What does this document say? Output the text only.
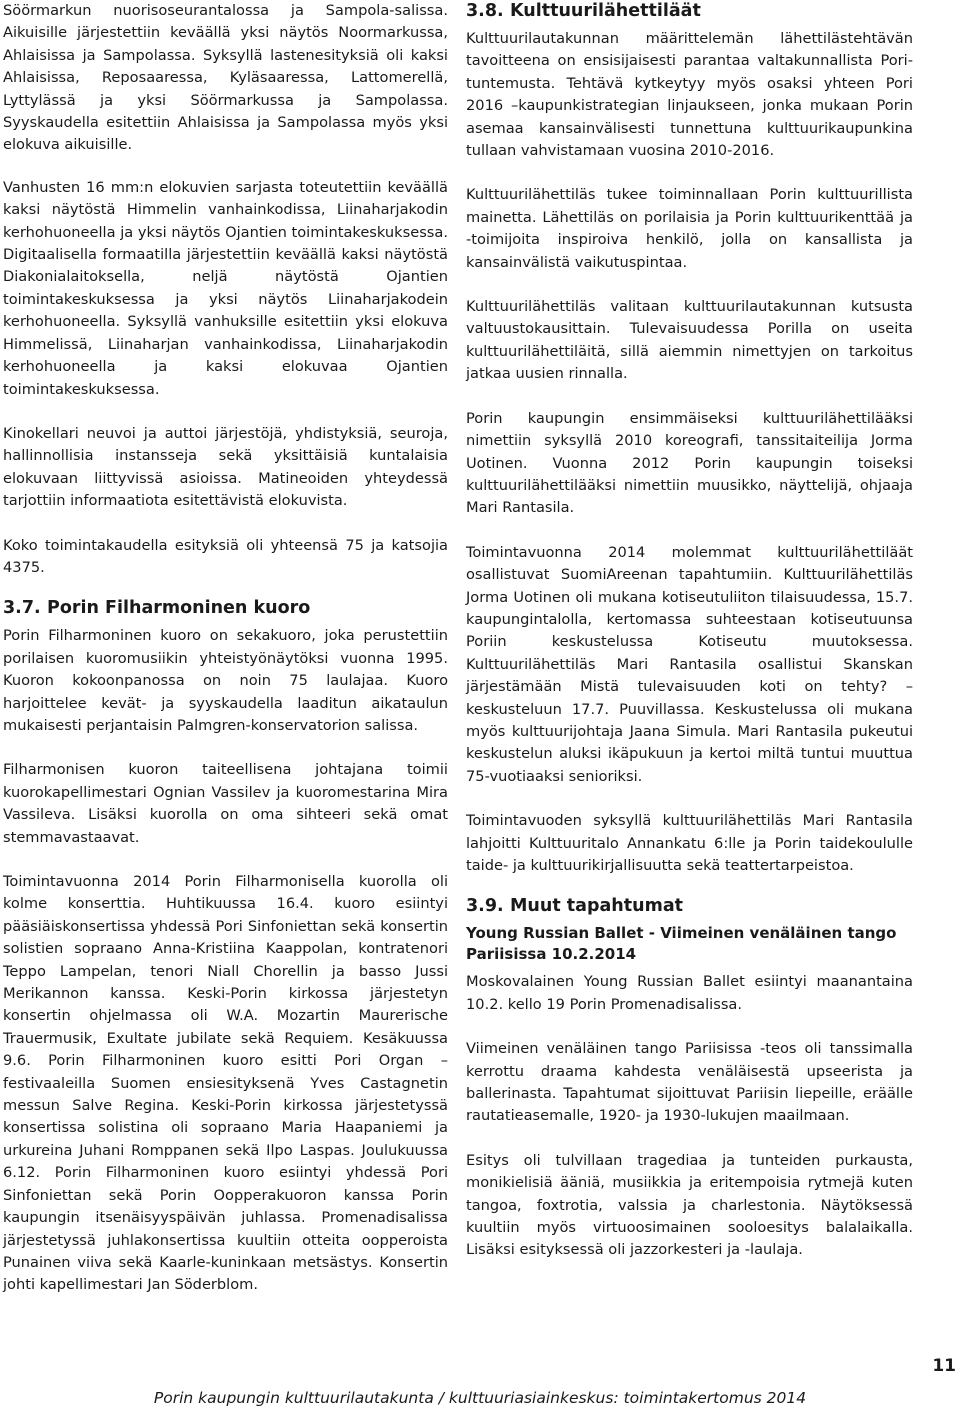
Söörmarkun nuorisoseurantalossa ja Sampola-salissa. Aikuisille järjestettiin keväällä yksi näytös Noormarkussa, Ahlaisissa ja Sampolassa. Syksyllä lastenesityksiä oli kaksi Ahlaisissa, Reposaaressa, Kyläsaaressa, Lattomerellä, Lyttylässä ja yksi Söörmarkussa ja Sampolassa. Syyskaudella esitettiin Ahlaisissa ja Sampolassa myös yksi elokuva aikuisille.

Vanhusten 16 mm:n elokuvien sarjasta toteutettiin keväällä kaksi näytöstä Himmelin vanhainkodissa, Liinaharjakodin kerhohuoneella ja yksi näytös Ojantien toimintakeskuksessa. Digitaalisella formaatilla järjestettiin keväällä kaksi näytöstä Diakonialaitoksella, neljä näytöstä Ojantien toimintakeskuksessa ja yksi näytös Liinaharjakodein kerhohuoneella. Syksyllä vanhuksille esitettiin yksi elokuva Himmelissä, Liinaharjan vanhainkodissa, Liinaharjakodin kerhohuoneella ja kaksi elokuvaa Ojantien toimintakeskuksessa.

Kinokellari neuvoi ja auttoi järjestöjä, yhdistyksiä, seuroja, hallinnollisia instansseja sekä yksittäisiä kuntalaisia elokuvaan liittyvissä asioissa. Matineoiden yhteydessä tarjottiin informaatiota esitettävistä elokuvista.

Koko toimintakaudella esityksiä oli yhteensä 75 ja katsojia 4375.

3.7. Porin Filharmoninen kuoro

Porin Filharmoninen kuoro on sekakuoro, joka perustettiin porilaisen kuoromusiikin yhteistyönäytöksi vuonna 1995. Kuoron kokoonpanossa on noin 75 laulajaa. Kuoro harjoittelee kevät- ja syyskaudella laaditun aikataulun mukaisesti perjantaisin Palmgren-konservatorion salissa.

Filharmonisen kuoron taiteellisena johtajana toimii kuorokapellimestari Ognian Vassilev ja kuoromestarina Mira Vassileva. Lisäksi kuorolla on oma sihteeri sekä omat stemmavastaavat.

Toimintavuonna 2014 Porin Filharmonisella kuorolla oli kolme konserttia. Huhtikuussa 16.4. kuoro esiintyi pääsiäiskonsertissa yhdessä Pori Sinfoniettan sekä konsertin solistien sopraano Anna-Kristiina Kaappolan, kontratenori Teppo Lampelan, tenori Niall Chorellin ja basso Jussi Merikannon kanssa. Keski-Porin kirkossa järjestetyn konsertin ohjelmassa oli W.A. Mozartin Maurerische Trauermusik, Exultate jubilate sekä Requiem. Kesäkuussa 9.6. Porin Filharmoninen kuoro esitti Pori Organ –festivaaleilla Suomen ensiesityksenä Yves Castagnetin messun Salve Regina. Keski-Porin kirkossa järjestetyssä konsertissa solistina oli sopraano Maria Haapaniemi ja urkureina Juhani Romppanen sekä Ilpo Laspas. Joulukuussa 6.12. Porin Filharmoninen kuoro esiintyi yhdessä Pori Sinfoniettan sekä Porin Oopperakuoron kanssa Porin kaupungin itsenäisyyspäivän juhlassa. Promenadisalissa järjestetyssä juhlakonsertissa kuultiin otteita oopperoista Punainen viiva sekä Kaarle-kuninkaan metsästys. Konsertin johti kapellimestari Jan Söderblom.

3.8. Kulttuurilähettiläät

Kulttuurilautakunnan määrittelemän lähettilästehtävän tavoitteena on ensisijaisesti parantaa valtakunnallista Pori-tuntemusta. Tehtävä kytkeytyy myös osaksi yhteen Pori 2016 –kaupunkistrategian linjaukseen, jonka mukaan Porin asemaa kansainvälisesti tunnettuna kulttuurikaupunkina tullaan vahvistamaan vuosina 2010-2016.

Kulttuurilähettiläs tukee toiminnallaan Porin kulttuurillista mainetta. Lähettiläs on porilaisia ja Porin kulttuurikenttää ja -toimijoita inspiroiva henkilö, jolla on kansallista ja kansainvälistä vaikutuspintaa.

Kulttuurilähettiläs valitaan kulttuurilautakunnan kutsusta valtuustokausittain. Tulevaisuudessa Porilla on useita kulttuurilähettiläitä, sillä aiemmin nimettyjen on tarkoitus jatkaa uusien rinnalla.

Porin kaupungin ensimmäiseksi kulttuurilähettilääksi nimettiin syksyllä 2010 koreografi, tanssitaiteilija Jorma Uotinen. Vuonna 2012 Porin kaupungin toiseksi kulttuurilähettilääksi nimettiin muusikko, näyttelijä, ohjaaja Mari Rantasila.

Toimintavuonna 2014 molemmat kulttuurilähettiläät osallistuvat SuomiAreenan tapahtumiin. Kulttuurilähettiläs Jorma Uotinen oli mukana kotiseutuliiton tilaisuudessa, 15.7. kaupungintalolla, kertomassa suhteestaan kotiseutuunsa Poriin keskustelussa Kotiseutu muutoksessa. Kulttuurilähettiläs Mari Rantasila osallistui Skanskan järjestämään Mistä tulevaisuuden koti on tehty? – keskusteluun 17.7. Puuvillassa. Keskustelussa oli mukana myös kulttuurijohtaja Jaana Simula. Mari Rantasila pukeutui keskustelun aluksi ikäpukuun ja kertoi miltä tuntui muuttua 75-vuotiaaksi senioriksi.

Toimintavuoden syksyllä kulttuurilähettiläs Mari Rantasila lahjoitti Kulttuuritalo Annankatu 6:lle ja Porin taidekoululle taide- ja kulttuurikirjallisuutta sekä teattertarpeistoa.

3.9. Muut tapahtumat
Young Russian Ballet - Viimeinen venäläinen tango Pariisissa 10.2.2014

Moskovalainen Young Russian Ballet esiintyi maanantaina 10.2. kello 19 Porin Promenadisalissa.

Viimeinen venäläinen tango Pariisissa -teos oli tanssimalla kerrottu draama kahdesta venäläisestä upseerista ja ballerinasta. Tapahtumat sijoittuvat Pariisin liepeille, eräälle rautatieasemalle, 1920- ja 1930-lukujen maailmaan.

Esitys oli tulvillaan tragediaa ja tunteiden purkausta, monikielisiä ääniä, musiikkia ja eritempoisia rytmejä kuten tangoa, foxtrotia, valssia ja charlestonia. Näytöksessä kuultiin myös virtuoosimainen sooloesitys balalaikalla. Lisäksi esityksessä oli jazzorkesteri ja -laulaja.

11
Porin kaupungin kulttuurilautakunta / kulttuuriasiainkeskus: toimintakertomus 2014
